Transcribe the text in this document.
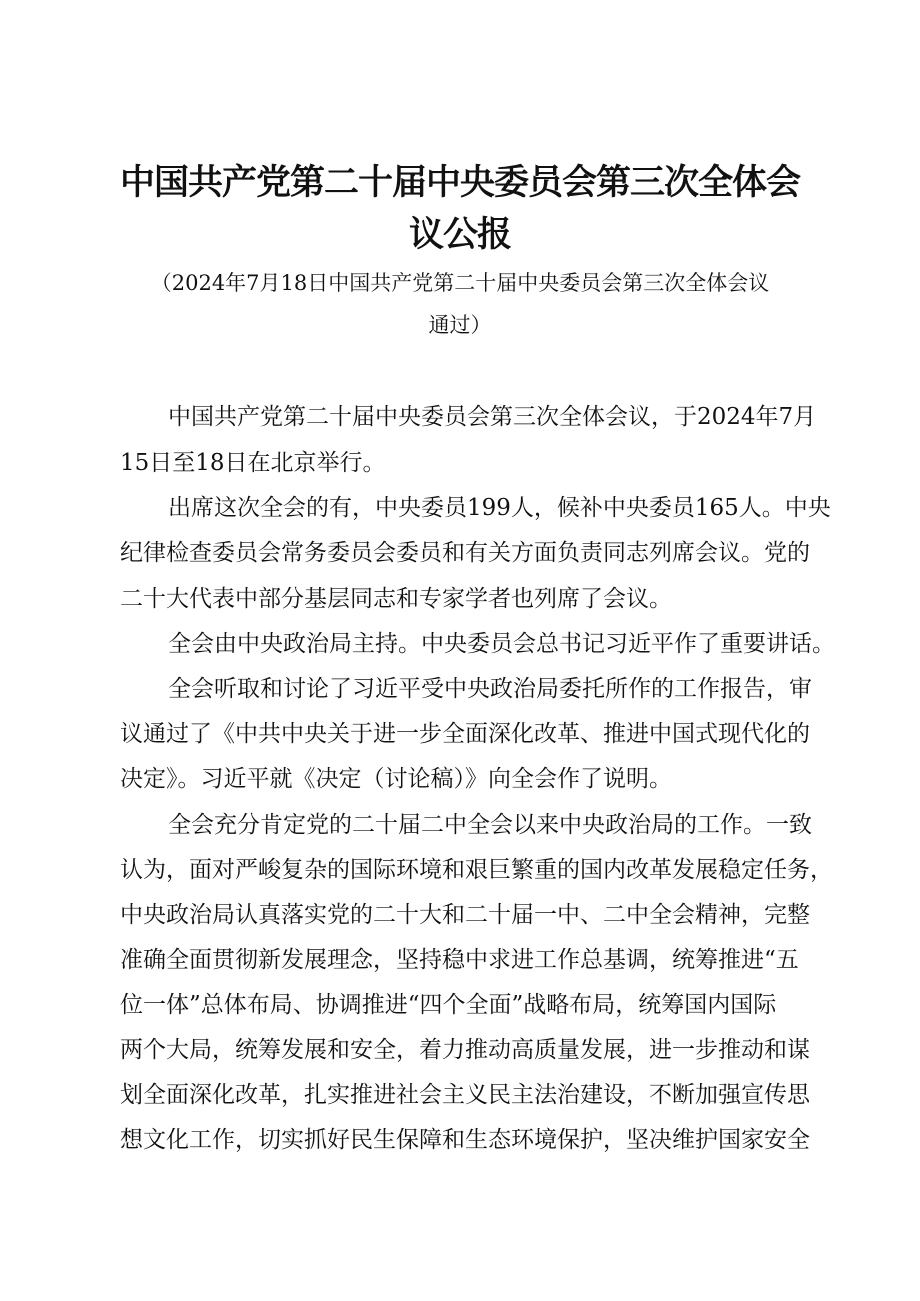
中国共产党第二十届中央委员会第三次全体会
议公报
（2024年7月18日中国共产党第二十届中央委员会第三次全体会议
通过）
中国共产党第二十届中央委员会第三次全体会议，于2024年7月
15日至18日在北京举行。
出席这次全会的有，中央委员199人，候补中央委员165人。中央
纪律检查委员会常务委员会委员和有关方面负责同志列席会议。党的
二十大代表中部分基层同志和专家学者也列席了会议。
全会由中央政治局主持。中央委员会总书记习近平作了重要讲话。
全会听取和讨论了习近平受中央政治局委托所作的工作报告，审
议通过了《中共中央关于进一步全面深化改革、推进中国式现代化的
决定》。习近平就《决定（讨论稿）》向全会作了说明。
全会充分肯定党的二十届二中全会以来中央政治局的工作。一致
认为，面对严峻复杂的国际环境和艰巨繁重的国内改革发展稳定任务，
中央政治局认真落实党的二十大和二十届一中、二中全会精神，完整
准确全面贯彻新发展理念，坚持稳中求进工作总基调，统筹推进“五
位一体”总体布局、协调推进“四个全面”战略布局，统筹国内国际
两个大局，统筹发展和安全，着力推动高质量发展，进一步推动和谋
划全面深化改革，扎实推进社会主义民主法治建设，不断加强宣传思
想文化工作，切实抓好民生保障和生态环境保护，坚决维护国家安全
